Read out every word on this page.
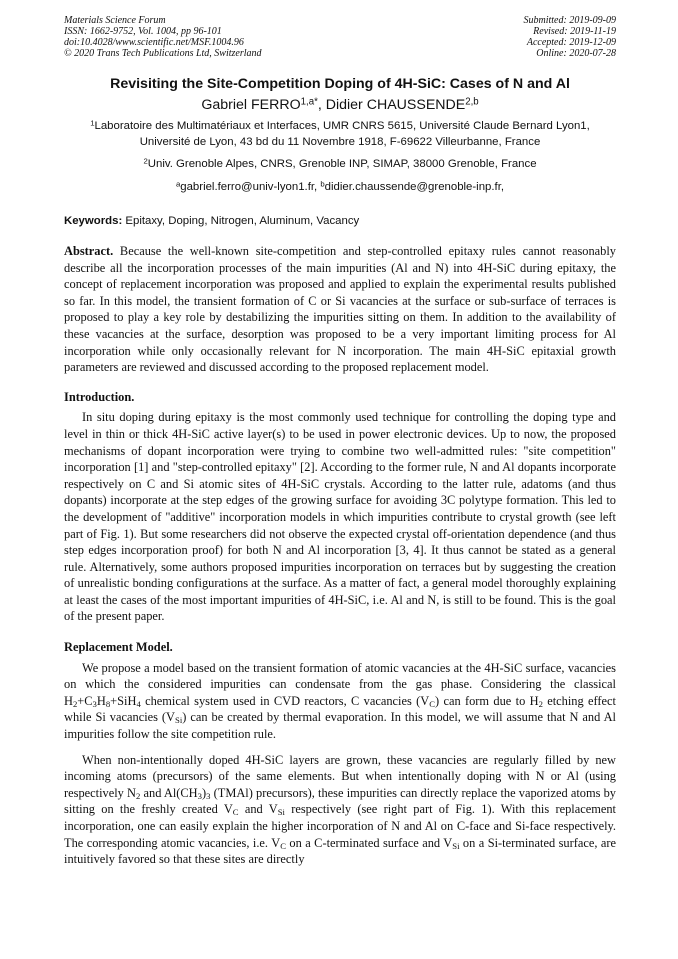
Materials Science Forum
ISSN: 1662-9752, Vol. 1004, pp 96-101
doi:10.4028/www.scientific.net/MSF.1004.96
© 2020 Trans Tech Publications Ltd, Switzerland
Submitted: 2019-09-09
Revised: 2019-11-19
Accepted: 2019-12-09
Online: 2020-07-28
Revisiting the Site-Competition Doping of 4H-SiC: Cases of N and Al
Gabriel $FERRO^{1,a*}$, Didier CHAUSSENDE$^{2,b}$
$^1$Laboratoire des Multimatériaux et Interfaces, UMR CNRS 5615, Université Claude Bernard Lyon1, Université de Lyon, 43 bd du 11 Novembre 1918, F-69622 Villeurbanne, France
$^2$Univ. Grenoble Alpes, CNRS, Grenoble INP, SIMAP, 38000 Grenoble, France
$^a$gabriel.ferro@univ-lyon1.fr, $^b$didier.chaussende@grenoble-inp.fr,
Keywords: Epitaxy, Doping, Nitrogen, Aluminum, Vacancy
Abstract. Because the well-known site-competition and step-controlled epitaxy rules cannot reasonably describe all the incorporation processes of the main impurities (Al and N) into 4H-SiC during epitaxy, the concept of replacement incorporation was proposed and applied to explain the experimental results published so far. In this model, the transient formation of C or Si vacancies at the surface or sub-surface of terraces is proposed to play a key role by destabilizing the impurities sitting on them. In addition to the availability of these vacancies at the surface, desorption was proposed to be a very important limiting process for Al incorporation while only occasionally relevant for N incorporation. The main 4H-SiC epitaxial growth parameters are reviewed and discussed according to the proposed replacement model.
Introduction.

In situ doping during epitaxy is the most commonly used technique for controlling the doping type and level in thin or thick 4H-SiC active layer(s) to be used in power electronic devices. Up to now, the proposed mechanisms of dopant incorporation were trying to combine two well-admitted rules: "site competition" incorporation [1] and "step-controlled epitaxy" [2]. According to the former rule, N and Al dopants incorporate respectively on C and Si atomic sites of 4H-SiC crystals. According to the latter rule, adatoms (and thus dopants) incorporate at the step edges of the growing surface for avoiding 3C polytype formation. This led to the development of "additive" incorporation models in which impurities contribute to crystal growth (see left part of Fig. 1). But some researchers did not observe the expected crystal off-orientation dependence (and thus step edges incorporation proof) for both N and Al incorporation [3, 4]. It thus cannot be stated as a general rule. Alternatively, some authors proposed impurities incorporation on terraces but by suggesting the creation of unrealistic bonding configurations at the surface. As a matter of fact, a general model thoroughly explaining at least the cases of the most important impurities of 4H-SiC, i.e. Al and N, is still to be found. This is the goal of the present paper.

Replacement Model.

We propose a model based on the transient formation of atomic vacancies at the 4H-SiC surface, vacancies on which the considered impurities can condensate from the gas phase. Considering the classical $H_2+C_3H_8+SiH_4$ chemical system used in CVD reactors, C vacancies $(V_C)$ can form due to $H_2$ etching effect while Si vacancies $(V_{Si})$ can be created by thermal evaporation. In this model, we will assume that N and Al impurities follow the site competition rule.

When non-intentionally doped 4H-SiC layers are grown, these vacancies are regularly filled by new incoming atoms (precursors) of the same elements. But when intentionally doping with N or Al (using respectively $N_2$ and $Al(CH_3)_3$ (TMAl) precursors), these impurities can directly replace the vaporized atoms by sitting on the freshly created $V_C$ and $V_{Si}$ respectively (see right part of Fig. 1). With this replacement incorporation, one can easily explain the higher incorporation of N and Al on C-face and Si-face respectively. The corresponding atomic vacancies, i.e. $V_C$ on a C-terminated surface and $V_{Si}$ on a Si-terminated surface, are intuitively favored so that these sites are directly
